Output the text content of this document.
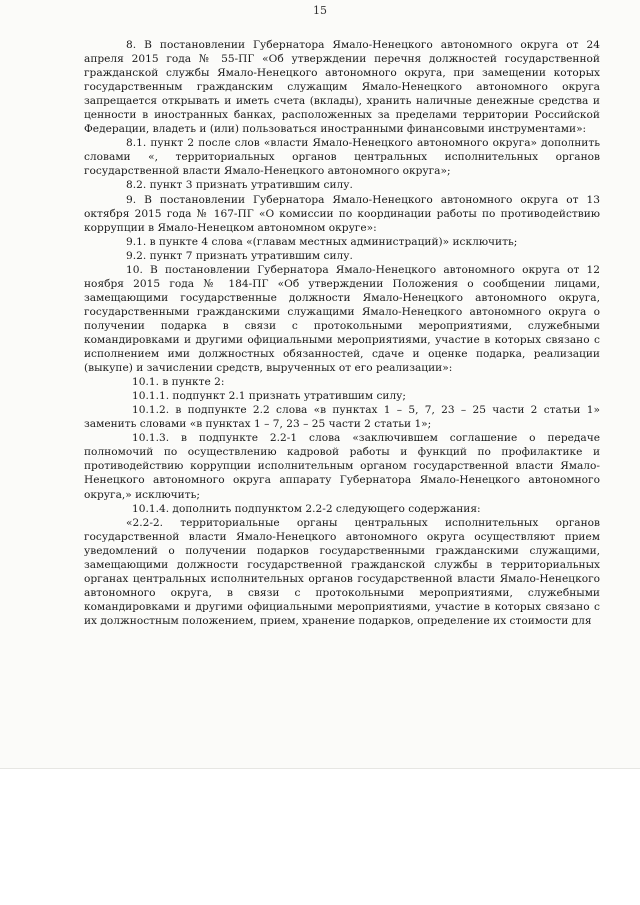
15

8. В постановлении Губернатора Ямало-Ненецкого автономного округа от 24 апреля 2015 года № 55-ПГ «Об утверждении перечня должностей государственной гражданской службы Ямало-Ненецкого автономного округа, при замещении которых государственным гражданским служащим Ямало-Ненецкого автономного округа запрещается открывать и иметь счета (вклады), хранить наличные денежные средства и ценности в иностранных банках, расположенных за пределами территории Российской Федерации, владеть и (или) пользоваться иностранными финансовыми инструментами»:

8.1. пункт 2 после слов «власти Ямало-Ненецкого автономного округа» дополнить словами «, территориальных органов центральных исполнительных органов государственной власти Ямало-Ненецкого автономного округа»;

8.2. пункт 3 признать утратившим силу.

9. В постановлении Губернатора Ямало-Ненецкого автономного округа от 13 октября 2015 года № 167-ПГ «О комиссии по координации работы по противодействию коррупции в Ямало-Ненецком автономном округе»:

9.1. в пункте 4 слова «(главам местных администраций)» исключить;

9.2. пункт 7 признать утратившим силу.

10. В постановлении Губернатора Ямало-Ненецкого автономного округа от 12 ноября 2015 года № 184-ПГ «Об утверждении Положения о сообщении лицами, замещающими государственные должности Ямало-Ненецкого автономного округа, государственными гражданскими служащими Ямало-Ненецкого автономного округа о получении подарка в связи с протокольными мероприятиями, служебными командировками и другими официальными мероприятиями, участие в которых связано с исполнением ими должностных обязанностей, сдаче и оценке подарка, реализации (выкупе) и зачислении средств, вырученных от его реализации»:

10.1. в пункте 2:

10.1.1. подпункт 2.1 признать утратившим силу;

10.1.2. в подпункте 2.2 слова «в пунктах 1 – 5, 7, 23 – 25 части 2 статьи 1» заменить словами «в пунктах 1 – 7, 23 – 25 части 2 статьи 1»;

10.1.3. в подпункте 2.2-1 слова «заключившем соглашение о передаче полномочий по осуществлению кадровой работы и функций по профилактике и противодействию коррупции исполнительным органом государственной власти Ямало-Ненецкого автономного округа аппарату Губернатора Ямало-Ненецкого автономного округа,» исключить;

10.1.4. дополнить подпунктом 2.2-2 следующего содержания:

«2.2-2. территориальные органы центральных исполнительных органов государственной власти Ямало-Ненецкого автономного округа осуществляют прием уведомлений о получении подарков государственными гражданскими служащими, замещающими должности государственной гражданской службы в территориальных органах центральных исполнительных органов государственной власти Ямало-Ненецкого автономного округа, в связи с протокольными мероприятиями, служебными командировками и другими официальными мероприятиями, участие в которых связано с их должностным положением, прием, хранение подарков, определение их стоимости для
